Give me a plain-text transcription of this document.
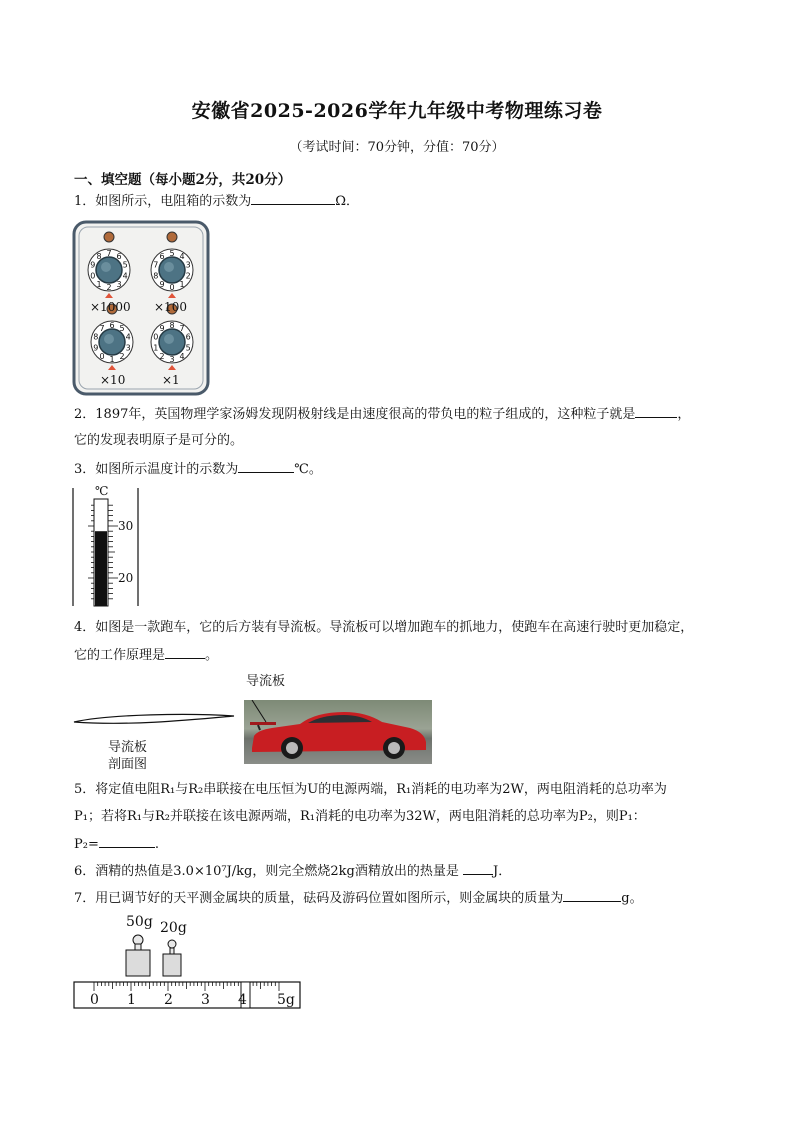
安徽省2025-2026学年九年级中考物理练习卷
（考试时间：70分钟，分值：70分）
一、填空题（每小题2分，共20分）
1．如图所示，电阻箱的示数为	Ω．
0
1 2 3
4
5
6
7
8
9
0 1
2
3
4
5
6
7
8
9
0 1 2
3
4
5
6
7
8
9
0
1
2 3 4
5
6
7
8
9
×1000 ×100
×10	×1
2．1897年，英国物理学家汤姆发现阴极射线是由速度很高的带负电的粒子组成的，这种粒子就是	，
它的发现表明原子是可分的。
3．如图所示温度计的示数为	℃。
℃
30
20
4．如图是一款跑车，它的后方装有导流板。导流板可以增加跑车的抓地力，使跑车在高速行驶时更加稳定，
它的工作原理是	。
导流板
剖面图
导流板
5．将定值电阻R₁与R₂串联接在电压恒为U的电源两端，R₁消耗的电功率为2W，两电阻消耗的总功率为
P₁；若将R₁与R₂并联接在该电源两端，R₁消耗的电功率为32W，两电阻消耗的总功率为P₂，则P₁：
P₂=	.
6．酒精的热值是3.0×10⁷J/kg，则完全燃烧2kg酒精放出的热量是	J．
7．用已调节好的天平测金属块的质量，砝码及游码位置如图所示，则金属块的质量为	g。
50g 20g
0 1 2 3 4 5g
